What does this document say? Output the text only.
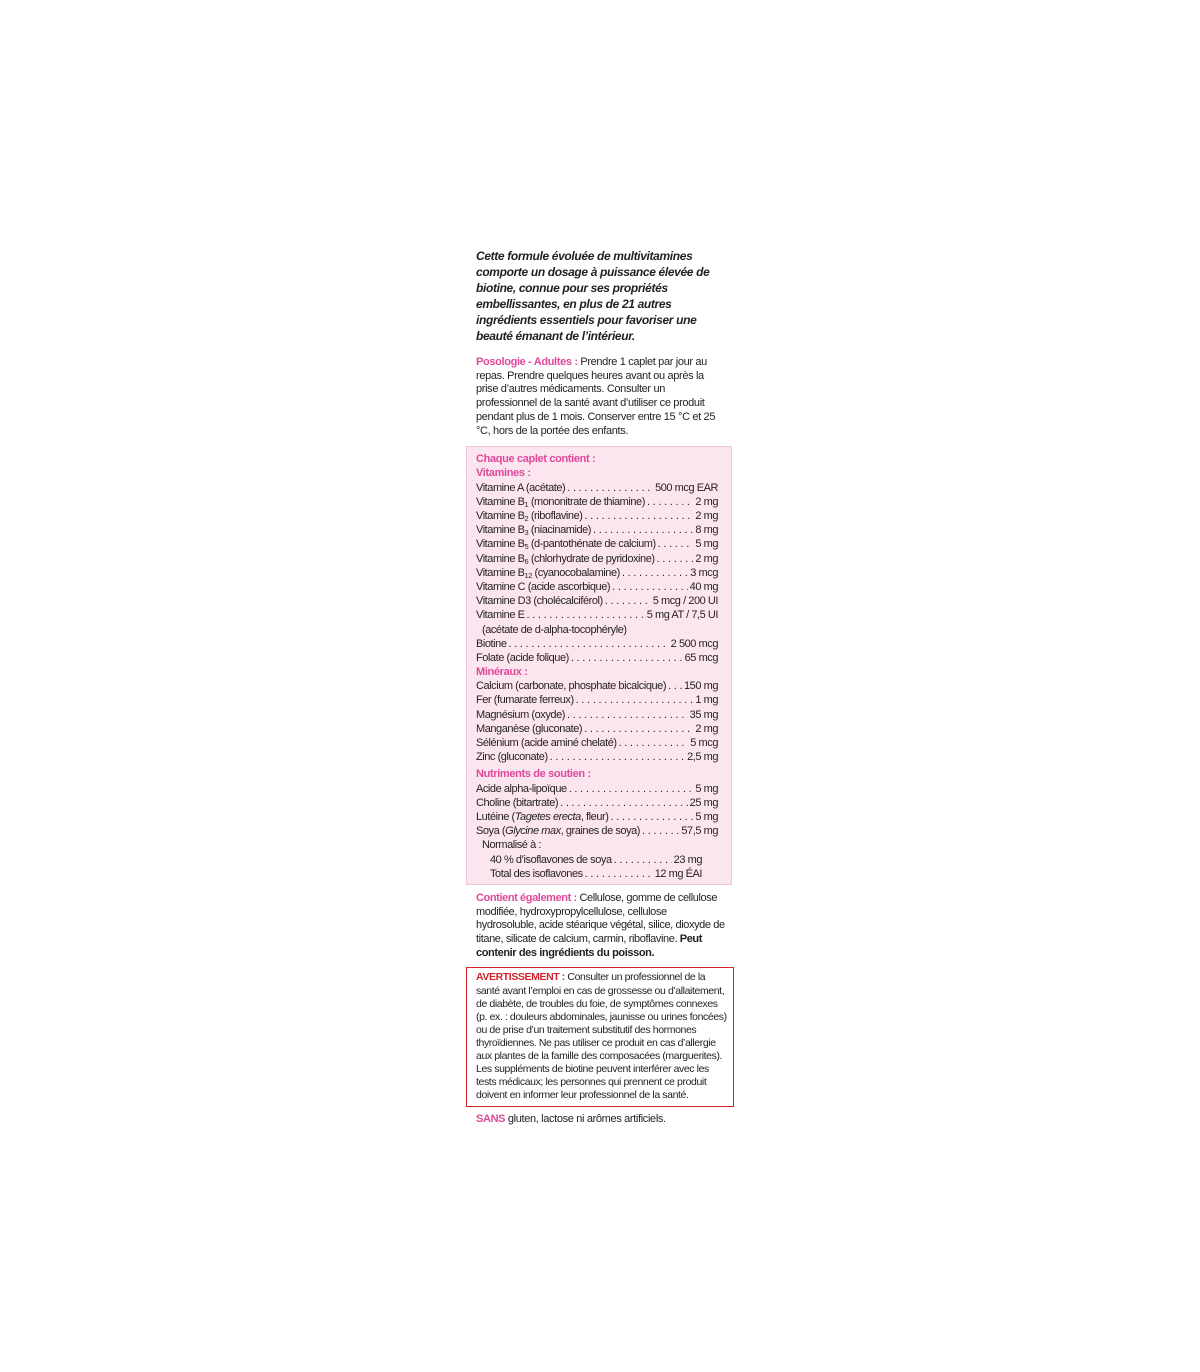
Cette formule évoluée de multivitamines comporte un dosage à puissance élevée de biotine, connue pour ses propriétés embellissantes, en plus de 21 autres ingrédients essentiels pour favoriser une beauté émanant de l’intérieur.
Posologie - Adultes : Prendre 1 caplet par jour au repas. Prendre quelques heures avant ou après la prise d’autres médicaments. Consulter un professionnel de la santé avant d’utiliser ce produit pendant plus de 1 mois. Conserver entre 15 °C et 25 °C, hors de la portée des enfants.
Chaque caplet contient :
Vitamines :
Vitamine A (acétate) . . .	500 mcg EAR
Vitamine $B_1$ (mononitrate de thiamine) . . .	2 mg
Vitamine $B_2$ (riboflavine) . . .	2 mg
Vitamine $B_3$ (niacinamide) . . .	8 mg
Vitamine $B_5$ (d-pantothénate de calcium) . . .	5 mg
Vitamine $B_6$ (chlorhydrate de pyridoxine) . . .	2 mg
Vitamine $B_{12}$ (cyanocobalamine) . . .	3 mcg
Vitamine C (acide ascorbique) . . .	40 mg
Vitamine D3 (cholécalciférol) . . .	5 mcg / 200 UI
Vitamine E . . .	5 mg AT / 7,5 UI
(acétate de d-alpha-tocophéryle)
Biotine . . .	2 500 mcg
Folate (acide folique) . . .	65 mcg
Minéraux :
Calcium (carbonate, phosphate bicalcique) . . . 150 mg
Fer (fumarate ferreux) . . .	1 mg
Magnésium (oxyde) . . .	35 mg
Manganèse (gluconate) . . .	2 mg
Sélénium (acide aminé chelaté) . . .	5 mcg
Zinc (gluconate) . . .	2,5 mg
Nutriments de soutien :
Acide alpha-lipoïque . . .	5 mg
Choline (bitartrate) . . .	25 mg
Lutéine (Tagetes erecta, fleur) . . .	5 mg
Soya (Glycine max, graines de soya) . . .	57,5 mg
Normalisé à :
40 % d’isoflavones de soya . . .	23 mg
Total des isoflavones . . .	12 mg ÉAI
Contient également : Cellulose, gomme de cellulose modifiée, hydroxypropylcellulose, cellulose hydrosoluble, acide stéarique végétal, silice, dioxyde de titane, silicate de calcium, carmin, riboflavine. Peut contenir des ingrédients du poisson.
AVERTISSEMENT : Consulter un professionnel de la santé avant l’emploi en cas de grossesse ou d’allaitement, de diabète, de troubles du foie, de symptômes connexes (p. ex. : douleurs abdominales, jaunisse ou urines foncées) ou de prise d’un traitement substitutif des hormones thyroïdiennes. Ne pas utiliser ce produit en cas d’allergie aux plantes de la famille des composacées (marguerites). Les suppléments de biotine peuvent interférer avec les tests médicaux; les personnes qui prennent ce produit doivent en informer leur professionnel de la santé.
SANS gluten, lactose ni arômes artificiels.
